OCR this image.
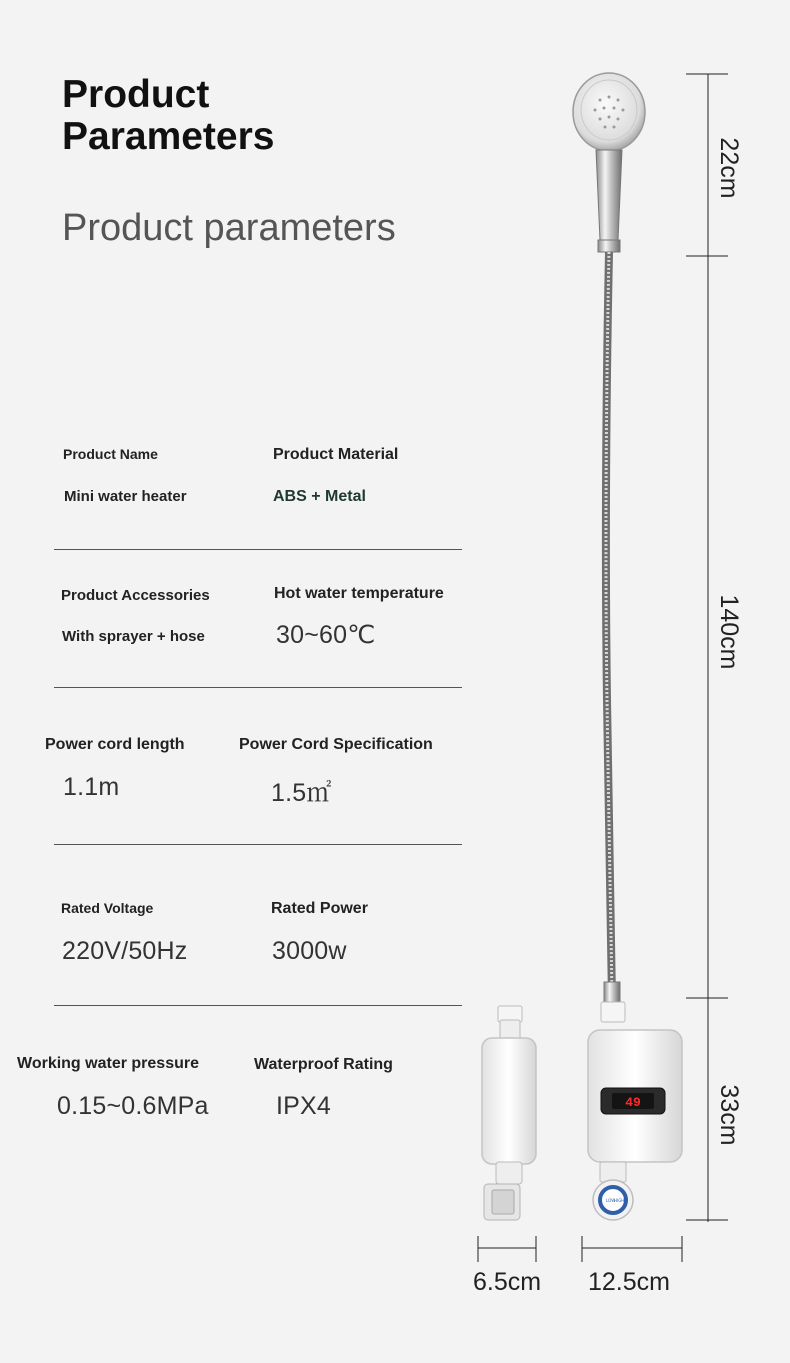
Product
Parameters
Product parameters
Product Name	Product Material
Mini water heater	ABS + Metal
Product Accessories	Hot water temperature
With sprayer + hose	30~60℃
Power cord length	Power Cord Specification
1.1m	1.5㎡
Rated Voltage	Rated Power
220V/50Hz	3000w
Working water pressure	Waterproof Rating
0.15~0.6MPa	IPX4	49
LOW
HIGH
22cm
140cm
33cm
6.5cm 12.5cm
